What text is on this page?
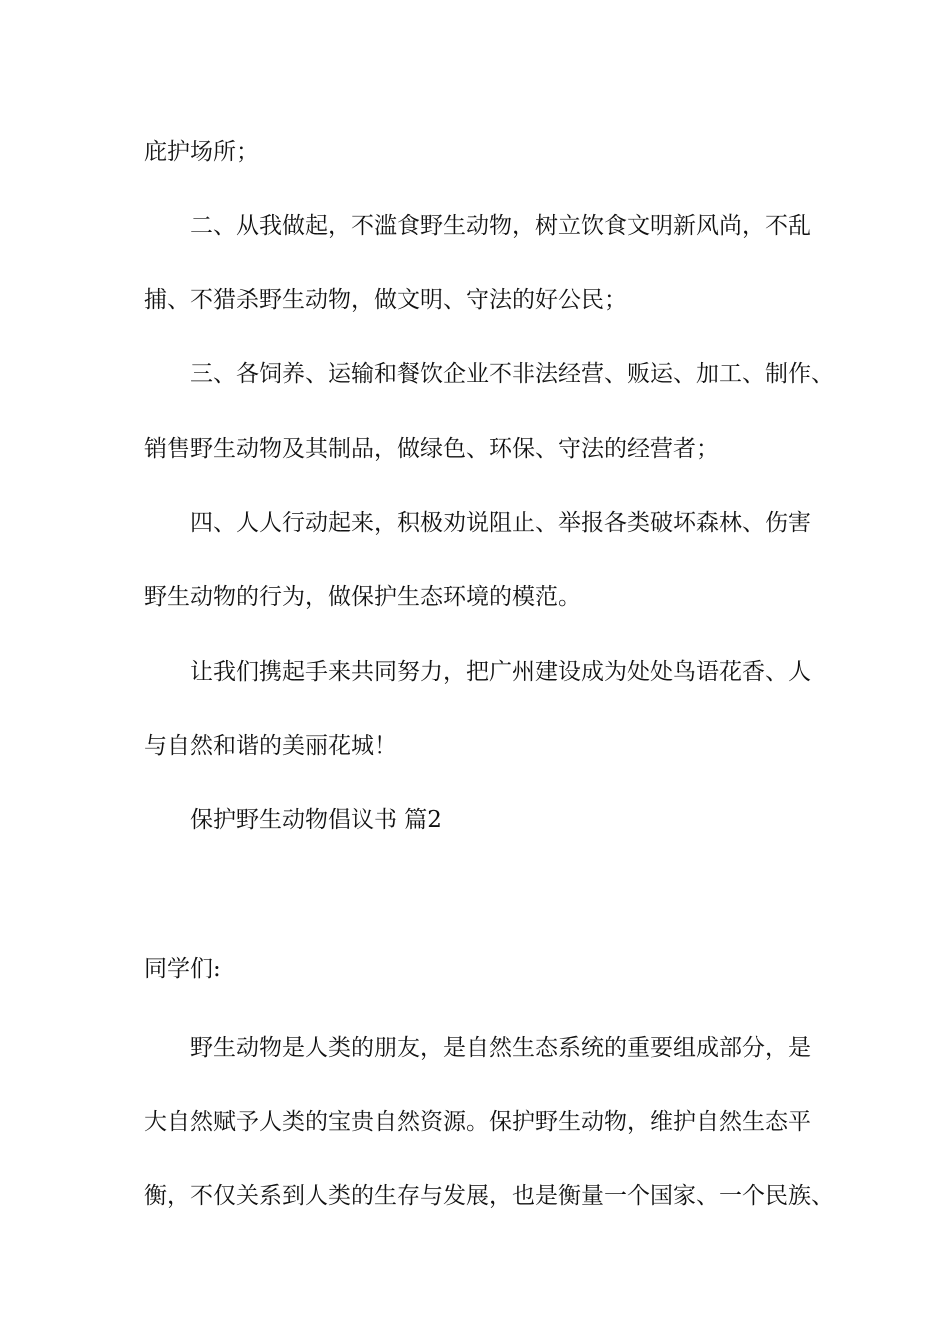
庇护场所；
二、从我做起，不滥食野生动物，树立饮食文明新风尚，不乱
捕、不猎杀野生动物，做文明、守法的好公民；
三、各饲养、运输和餐饮企业不非法经营、贩运、加工、制作、
销售野生动物及其制品，做绿色、环保、守法的经营者；
四、人人行动起来，积极劝说阻止、举报各类破坏森林、伤害
野生动物的行为，做保护生态环境的模范。
让我们携起手来共同努力，把广州建设成为处处鸟语花香、人
与自然和谐的美丽花城！
保护野生动物倡议书 篇2
同学们:
野生动物是人类的朋友，是自然生态系统的重要组成部分，是
大自然赋予人类的宝贵自然资源。保护野生动物，维护自然生态平
衡，不仅关系到人类的生存与发展，也是衡量一个国家、一个民族、
